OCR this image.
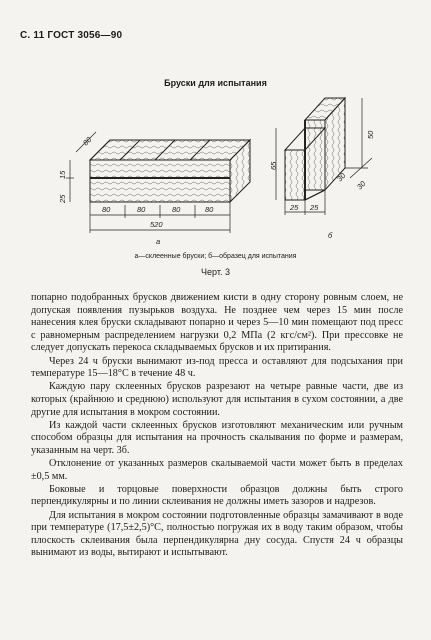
С. 11 ГОСТ 3056—90
Бруски для испытания
80	80	80	80
520
80
15
25
а
65
50
30
30
25 25
б
а—склеенные бруски; б—образец для испытания
Черт. 3

попарно подобранных брусков движением кисти в одну сторону ровным слоем, не допуская появления пузырьков воздуха. Не позднее чем через 15 мин после нанесения клея бруски складывают попарно и через 5—10 мин помещают под пресс с равномерным распределением нагрузки 0,2 МПа (2 кгс/см²). При прессовке не следует допускать перекоса складываемых брусков и их притирания.

Через 24 ч бруски вынимают из-под пресса и оставляют для подсыхания при температуре 15—18°С в течение 48 ч.

Каждую пару склеенных брусков разрезают на четыре равные части, две из которых (крайнюю и среднюю) используют для испытания в сухом состоянии, а две другие для испытания в мокром состоянии.

Из каждой части склеенных брусков изготовляют механическим или ручным способом образцы для испытания на прочность скалывания по форме и размерам, указанным на черт. 3б.

Отклонение от указанных размеров скалываемой части может быть в пределах ±0,5 мм.

Боковые и торцовые поверхности образцов должны быть строго перпендикулярны и по линии склеивания не должны иметь зазоров и надрезов.

Для испытания в мокром состоянии подготовленные образцы замачивают в воде при температуре (17,5±2,5)°С, полностью погружая их в воду таким образом, чтобы плоскость склеивания была перпендикулярна дну сосуда. Спустя 24 ч образцы вынимают из воды, вытирают и испытывают.
